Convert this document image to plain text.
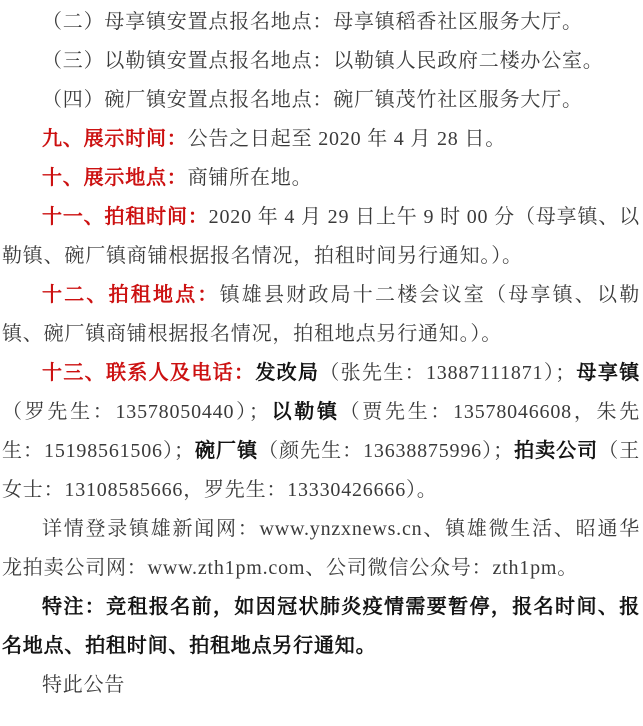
（二）母享镇安置点报名地点：母享镇稻香社区服务大厅。

（三）以勒镇安置点报名地点：以勒镇人民政府二楼办公室。

（四）碗厂镇安置点报名地点：碗厂镇茂竹社区服务大厅。

九、展示时间：公告之日起至 2020 年 4 月 28 日。

十、展示地点：商铺所在地。

十一、拍租时间：2020 年 4 月 29 日上午 9 时 00 分（母享镇、以勒镇、碗厂镇商铺根据报名情况，拍租时间另行通知。）。

十二、拍租地点：镇雄县财政局十二楼会议室（母享镇、以勒镇、碗厂镇商铺根据报名情况，拍租地点另行通知。）。

十三、联系人及电话：发改局（张先生：13887111871）；母享镇（罗先生：13578050440）；以勒镇（贾先生：13578046608，朱先生：15198561506）；碗厂镇（颜先生：13638875996）；拍卖公司（王女士：13108585666，罗先生：13330426666）。

详情登录镇雄新闻网：www.ynzxnews.cn、镇雄微生活、昭通华龙拍卖公司网：www.zth1pm.com、公司微信公众号：zth1pm。

特注：竞租报名前，如因冠状肺炎疫情需要暂停，报名时间、报名地点、拍租时间、拍租地点另行通知。

特此公告
